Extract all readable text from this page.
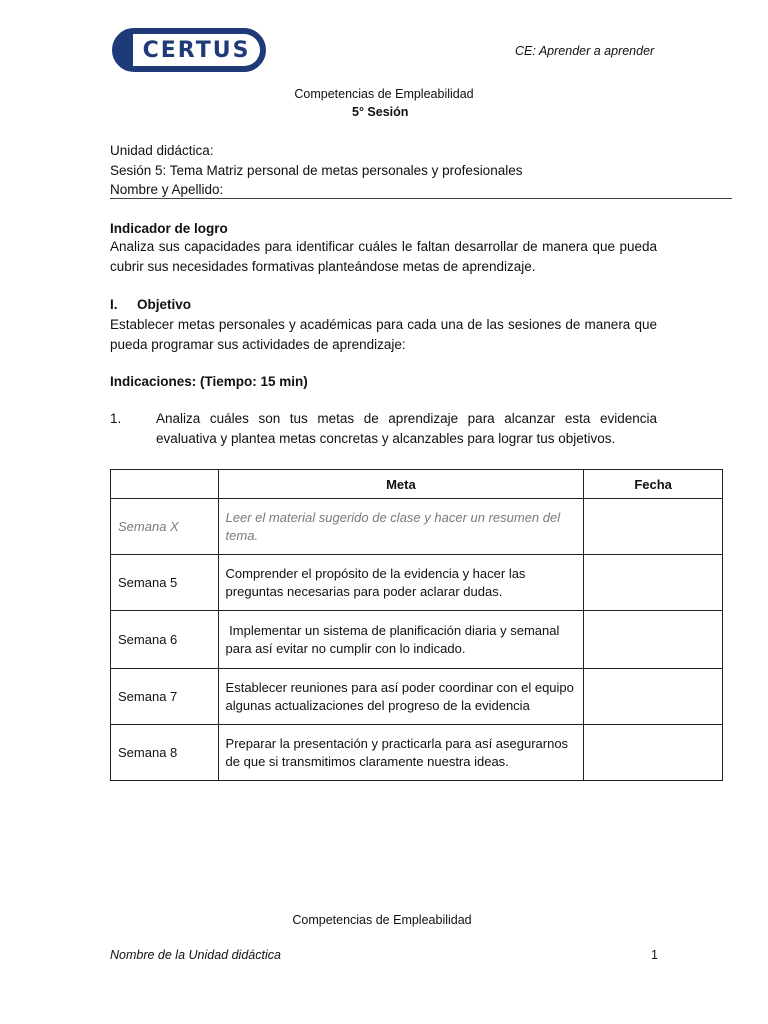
CERTUS	CE: Aprender a aprender
Competencias de Empleabilidad
5° Sesión
Unidad didáctica:
Sesión 5: Tema Matriz personal de metas personales y profesionales
Nombre y Apellido:
Indicador de logro
Analiza sus capacidades para identificar cuáles le faltan desarrollar de manera que pueda cubrir sus necesidades formativas planteándose metas de aprendizaje.
I. Objetivo
Establecer metas personales y académicas para cada una de las sesiones de manera que pueda programar sus actividades de aprendizaje:
Indicaciones: (Tiempo: 15 min)
1.	Analiza cuáles son tus metas de aprendizaje para alcanzar esta evidencia evaluativa y plantea metas concretas y alcanzables para lograr tus objetivos.
	Meta	Fecha
Semana X	Leer el material sugerido de clase y hacer un resumen del tema.	
Semana 5	Comprender el propósito de la evidencia y hacer las preguntas necesarias para poder aclarar dudas.	
Semana 6	Implementar un sistema de planificación diaria y semanal para así evitar no cumplir con lo indicado.	
Semana 7	Establecer reuniones para así poder coordinar con el equipo algunas actualizaciones del progreso de la evidencia	
Semana 8	Preparar la presentación y practicarla para así asegurarnos de que si transmitimos claramente nuestra ideas.	
Competencias de Empleabilidad
Nombre de la Unidad didáctica	1
